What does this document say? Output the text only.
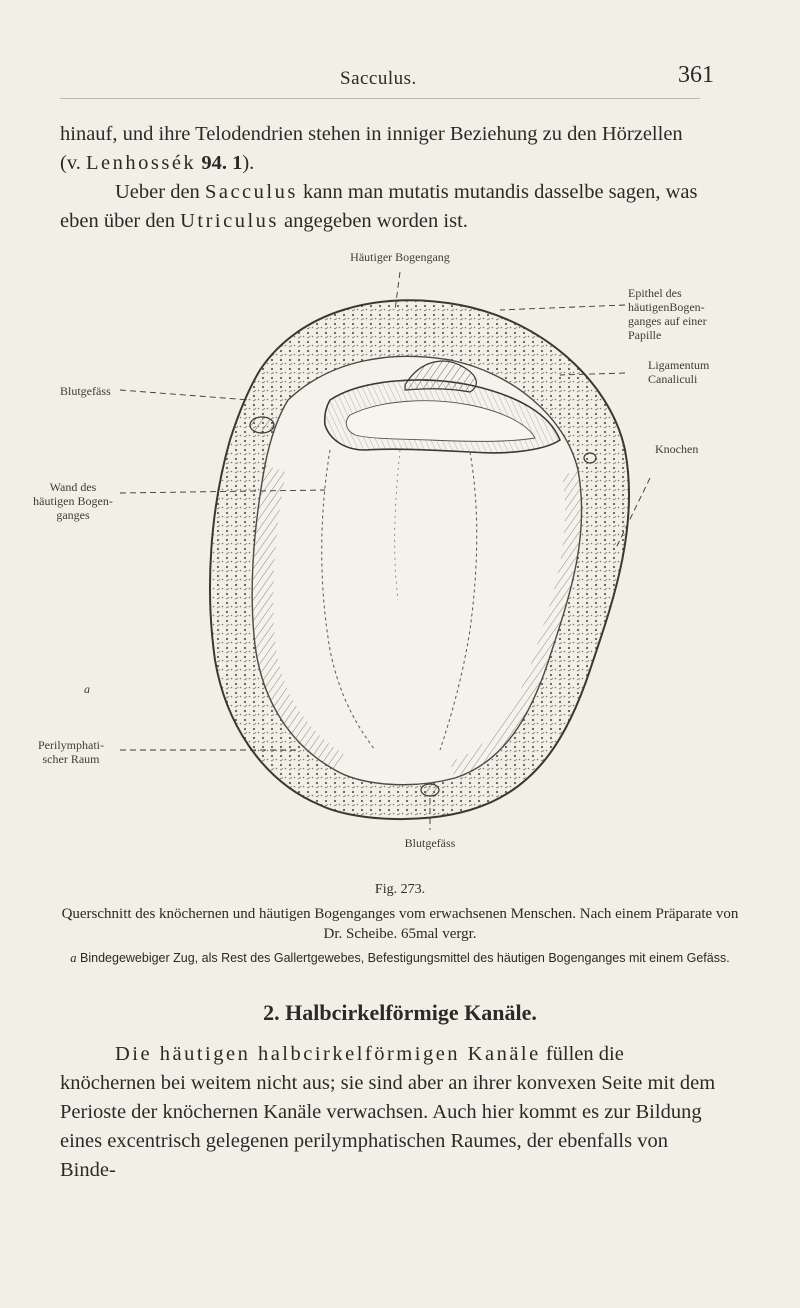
Sacculus.	361

hinauf, und ihre Telodendrien stehen in inniger Beziehung zu den Hörzellen

(v. Lenhossék 94. 1).

Ueber den Sacculus kann man mutatis mutandis dasselbe sagen, was eben über den Utriculus angegeben worden ist.

Häutiger Bogengang
Epithel des
häutigenBogen-
ganges auf einer
Papille
Ligamentum
Canaliculi
Blutgefäss
Knochen
Wand des
häutigen Bogen-
ganges
a
Perilymphati-
scher Raum
Blutgefäss
Fig. 273.
Querschnitt des knöchernen und häutigen Bogenganges vom erwachsenen Menschen. Nach einem Präparate von Dr. Scheibe. 65mal vergr.
a Bindegewebiger Zug, als Rest des Gallertgewebes, Befestigungsmittel des häutigen Bogenganges mit einem Gefäss.
2. Halbcirkelförmige Kanäle.

Die häutigen halbcirkelförmigen Kanäle füllen die knöchernen bei weitem nicht aus; sie sind aber an ihrer konvexen Seite mit dem Perioste der knöchernen Kanäle verwachsen. Auch hier kommt es zur Bildung eines excentrisch gelegenen perilymphatischen Raumes, der ebenfalls von Binde-
